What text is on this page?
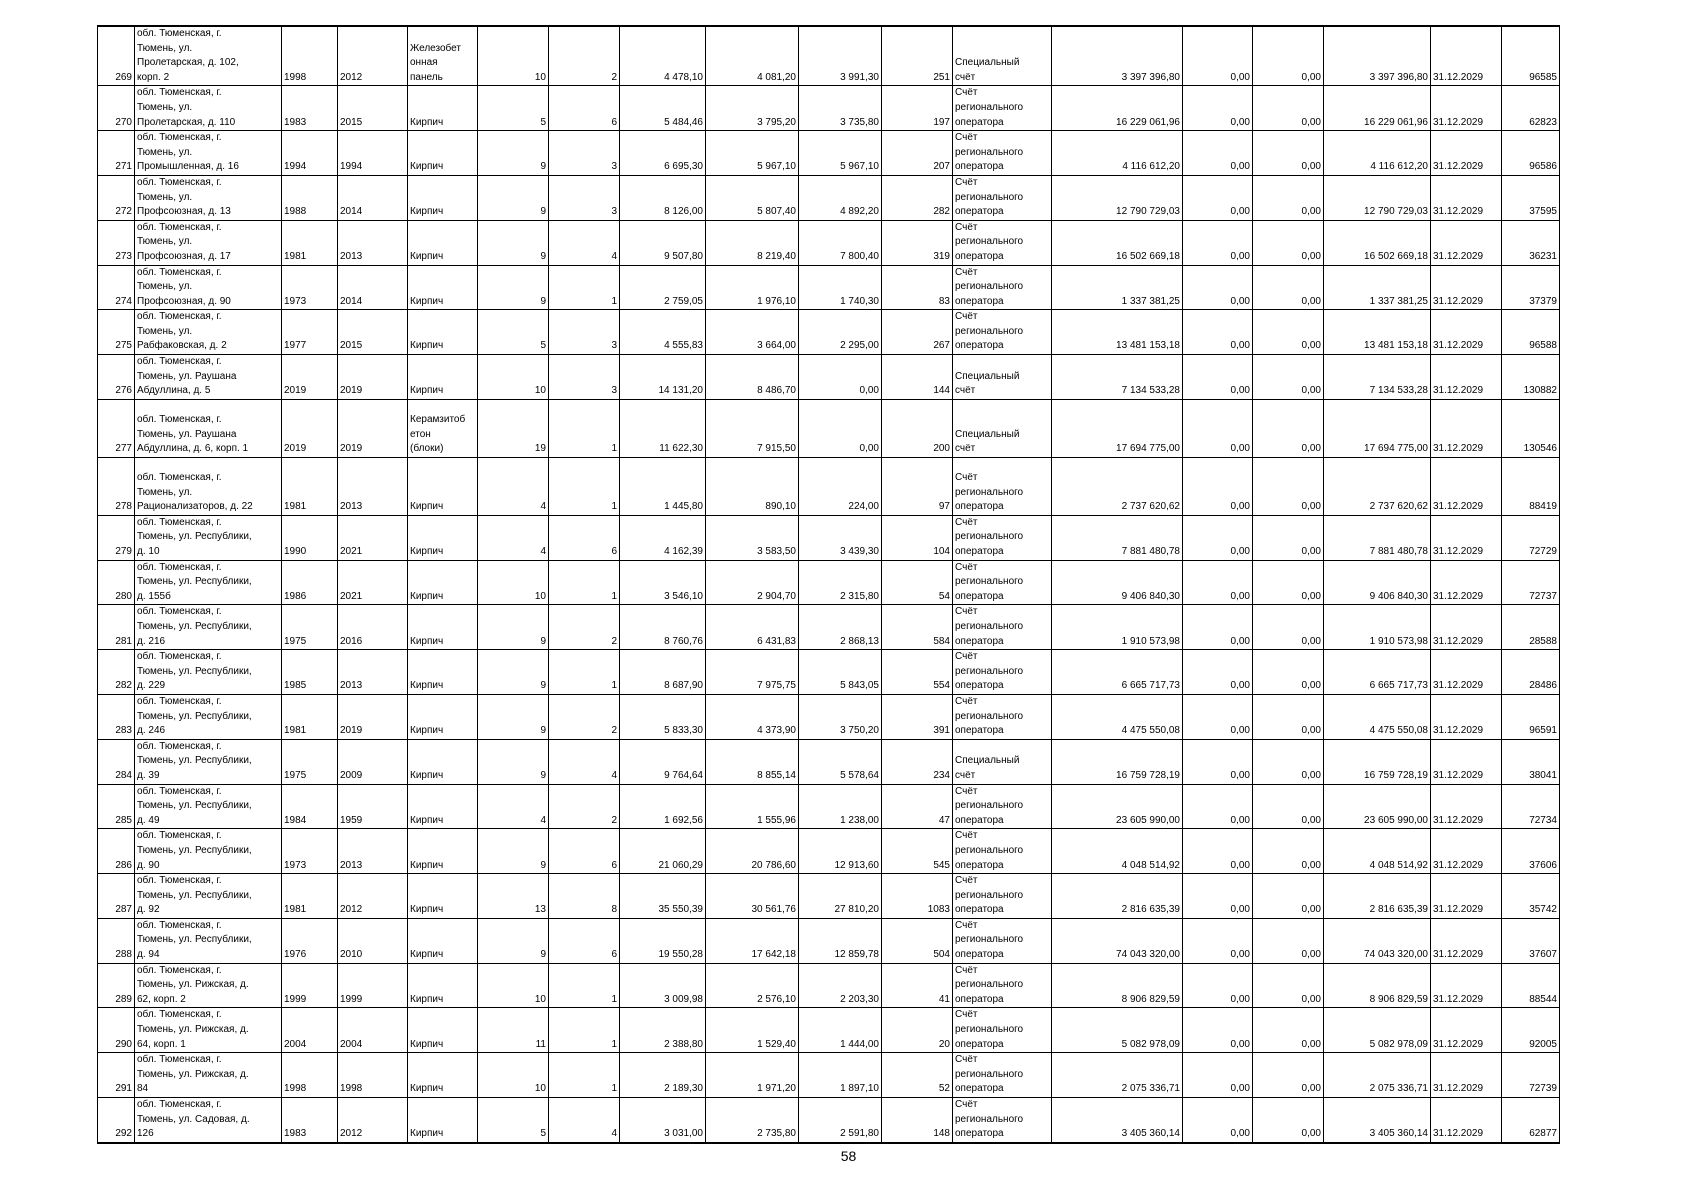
269	обл. Тюменская, г.
Тюмень, ул.
Пролетарская, д. 102,
корп. 2	1998	2012	Железобет
онная
панель	10	2	4 478,10	4 081,20	3 991,30	251	Специальный
счёт	3 397 396,80	0,00	0,00	3 397 396,80	31.12.2029	96585
270	обл. Тюменская, г.
Тюмень, ул.
Пролетарская, д. 110	1983	2015	Кирпич	5	6	5 484,46	3 795,20	3 735,80	197	Счёт
регионального
оператора	16 229 061,96	0,00	0,00	16 229 061,96	31.12.2029	62823
271	обл. Тюменская, г.
Тюмень, ул.
Промышленная, д. 16	1994	1994	Кирпич	9	3	6 695,30	5 967,10	5 967,10	207	Счёт
регионального
оператора	4 116 612,20	0,00	0,00	4 116 612,20	31.12.2029	96586
272	обл. Тюменская, г.
Тюмень, ул.
Профсоюзная, д. 13	1988	2014	Кирпич	9	3	8 126,00	5 807,40	4 892,20	282	Счёт
регионального
оператора	12 790 729,03	0,00	0,00	12 790 729,03	31.12.2029	37595
273	обл. Тюменская, г.
Тюмень, ул.
Профсоюзная, д. 17	1981	2013	Кирпич	9	4	9 507,80	8 219,40	7 800,40	319	Счёт
регионального
оператора	16 502 669,18	0,00	0,00	16 502 669,18	31.12.2029	36231
274	обл. Тюменская, г.
Тюмень, ул.
Профсоюзная, д. 90	1973	2014	Кирпич	9	1	2 759,05	1 976,10	1 740,30	83	Счёт
регионального
оператора	1 337 381,25	0,00	0,00	1 337 381,25	31.12.2029	37379
275	обл. Тюменская, г.
Тюмень, ул.
Рабфаковская, д. 2	1977	2015	Кирпич	5	3	4 555,83	3 664,00	2 295,00	267	Счёт
регионального
оператора	13 481 153,18	0,00	0,00	13 481 153,18	31.12.2029	96588
276	обл. Тюменская, г.
Тюмень, ул. Раушана
Абдуллина, д. 5	2019	2019	Кирпич	10	3	14 131,20	8 486,70	0,00	144	Специальный
счёт	7 134 533,28	0,00	0,00	7 134 533,28	31.12.2029	130882
277	обл. Тюменская, г.
Тюмень, ул. Раушана
Абдуллина, д. 6, корп. 1	2019	2019	Керамзитоб
етон
(блоки)	19	1	11 622,30	7 915,50	0,00	200	Специальный
счёт	17 694 775,00	0,00	0,00	17 694 775,00	31.12.2029	130546
278	обл. Тюменская, г.
Тюмень, ул.
Рационализаторов, д. 22	1981	2013	Кирпич	4	1	1 445,80	890,10	224,00	97	Счёт
регионального
оператора	2 737 620,62	0,00	0,00	2 737 620,62	31.12.2029	88419
279	обл. Тюменская, г.
Тюмень, ул. Республики,
д. 10	1990	2021	Кирпич	4	6	4 162,39	3 583,50	3 439,30	104	Счёт
регионального
оператора	7 881 480,78	0,00	0,00	7 881 480,78	31.12.2029	72729
280	обл. Тюменская, г.
Тюмень, ул. Республики,
д. 155б	1986	2021	Кирпич	10	1	3 546,10	2 904,70	2 315,80	54	Счёт
регионального
оператора	9 406 840,30	0,00	0,00	9 406 840,30	31.12.2029	72737
281	обл. Тюменская, г.
Тюмень, ул. Республики,
д. 216	1975	2016	Кирпич	9	2	8 760,76	6 431,83	2 868,13	584	Счёт
регионального
оператора	1 910 573,98	0,00	0,00	1 910 573,98	31.12.2029	28588
282	обл. Тюменская, г.
Тюмень, ул. Республики,
д. 229	1985	2013	Кирпич	9	1	8 687,90	7 975,75	5 843,05	554	Счёт
регионального
оператора	6 665 717,73	0,00	0,00	6 665 717,73	31.12.2029	28486
283	обл. Тюменская, г.
Тюмень, ул. Республики,
д. 246	1981	2019	Кирпич	9	2	5 833,30	4 373,90	3 750,20	391	Счёт
регионального
оператора	4 475 550,08	0,00	0,00	4 475 550,08	31.12.2029	96591
284	обл. Тюменская, г.
Тюмень, ул. Республики,
д. 39	1975	2009	Кирпич	9	4	9 764,64	8 855,14	5 578,64	234	Специальный
счёт	16 759 728,19	0,00	0,00	16 759 728,19	31.12.2029	38041
285	обл. Тюменская, г.
Тюмень, ул. Республики,
д. 49	1984	1959	Кирпич	4	2	1 692,56	1 555,96	1 238,00	47	Счёт
регионального
оператора	23 605 990,00	0,00	0,00	23 605 990,00	31.12.2029	72734
286	обл. Тюменская, г.
Тюмень, ул. Республики,
д. 90	1973	2013	Кирпич	9	6	21 060,29	20 786,60	12 913,60	545	Счёт
регионального
оператора	4 048 514,92	0,00	0,00	4 048 514,92	31.12.2029	37606
287	обл. Тюменская, г.
Тюмень, ул. Республики,
д. 92	1981	2012	Кирпич	13	8	35 550,39	30 561,76	27 810,20	1083	Счёт
регионального
оператора	2 816 635,39	0,00	0,00	2 816 635,39	31.12.2029	35742
288	обл. Тюменская, г.
Тюмень, ул. Республики,
д. 94	1976	2010	Кирпич	9	6	19 550,28	17 642,18	12 859,78	504	Счёт
регионального
оператора	74 043 320,00	0,00	0,00	74 043 320,00	31.12.2029	37607
289	обл. Тюменская, г.
Тюмень, ул. Рижская, д.
62, корп. 2	1999	1999	Кирпич	10	1	3 009,98	2 576,10	2 203,30	41	Счёт
регионального
оператора	8 906 829,59	0,00	0,00	8 906 829,59	31.12.2029	88544
290	обл. Тюменская, г.
Тюмень, ул. Рижская, д.
64, корп. 1	2004	2004	Кирпич	11	1	2 388,80	1 529,40	1 444,00	20	Счёт
регионального
оператора	5 082 978,09	0,00	0,00	5 082 978,09	31.12.2029	92005
291	обл. Тюменская, г.
Тюмень, ул. Рижская, д.
84	1998	1998	Кирпич	10	1	2 189,30	1 971,20	1 897,10	52	Счёт
регионального
оператора	2 075 336,71	0,00	0,00	2 075 336,71	31.12.2029	72739
292	обл. Тюменская, г.
Тюмень, ул. Садовая, д.
126	1983	2012	Кирпич	5	4	3 031,00	2 735,80	2 591,80	148	Счёт
регионального
оператора	3 405 360,14	0,00	0,00	3 405 360,14	31.12.2029	62877
58
